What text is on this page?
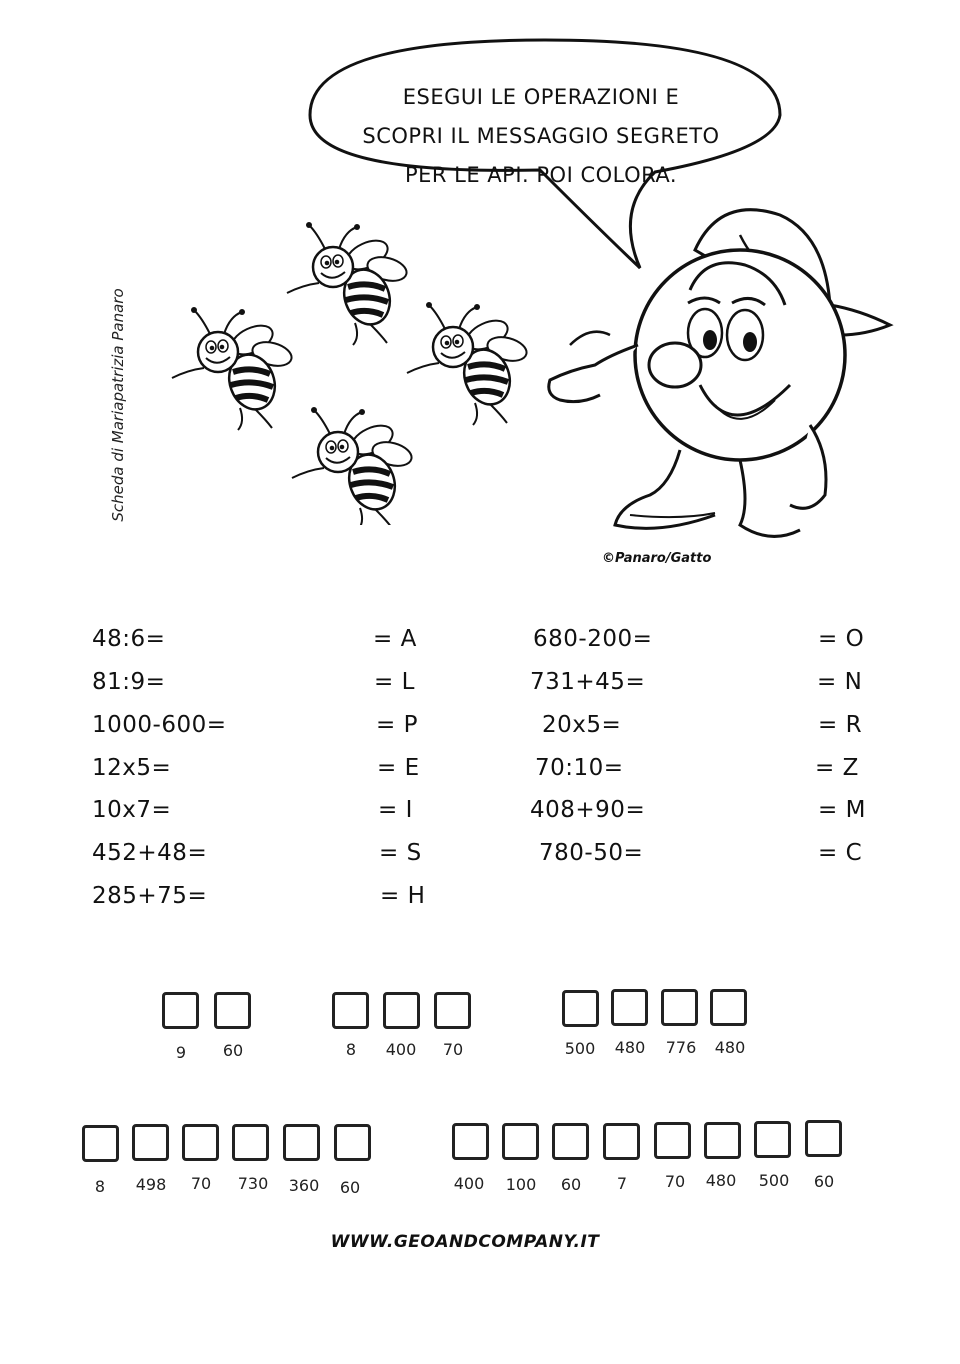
ESEGUI LE OPERAZIONI E
SCOPRI IL MESSAGGIO SEGRETO
PER LE API. POI COLORA.
Scheda di Mariapatrizia Panaro
©Panaro/Gatto
48:6=	= A
81:9=	= L
1000-600=	= P
12x5=	= E
10x7=	= I
452+48=	= S
285+75=	= H
680-200=	= O
731+45=	= N
20x5=	= R
70:10=	= Z
408+90=	= M
780-50=	= C
9 60	8 400 70	500 480 776 480
8 498 70 730 360 60	400 100 60 7 70 480 500 60
WWW.GEOANDCOMPANY.IT
